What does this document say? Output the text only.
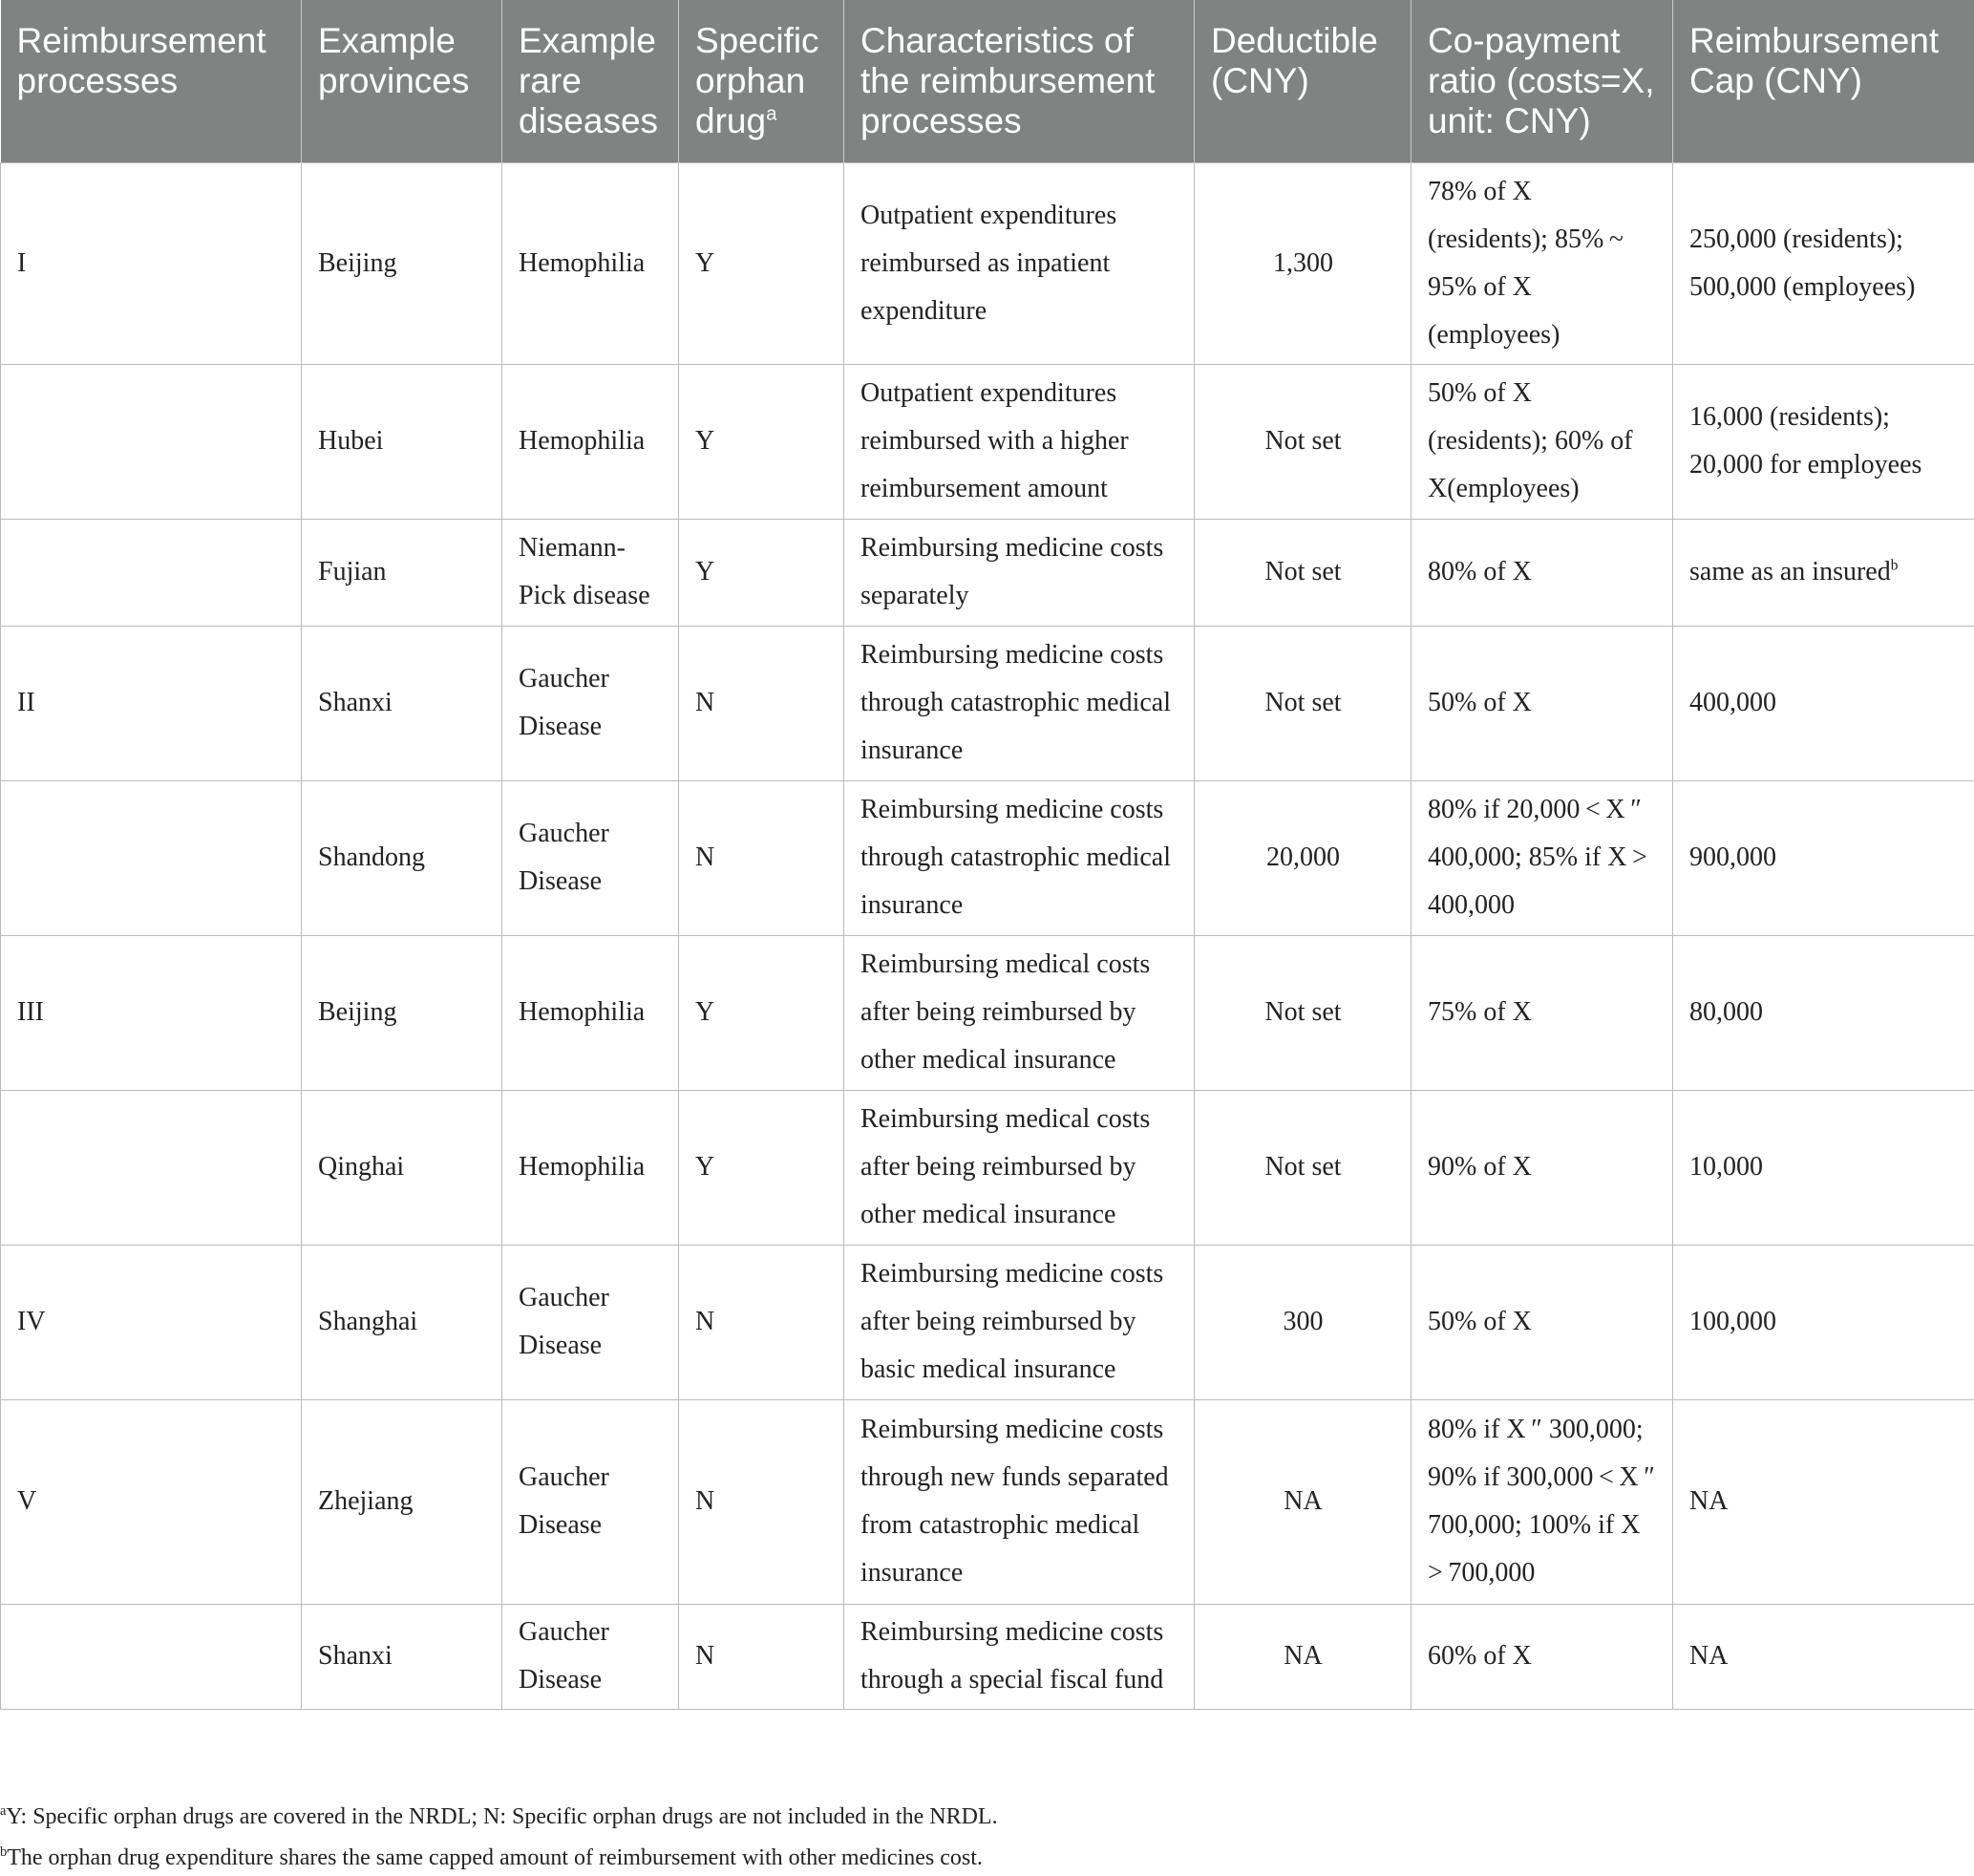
Reimbursement processes	Example provinces	Example rare diseases	Specific orphan drug$^a$	Characteristics of the reimbursement processes	Deductible (CNY)	Co-payment ratio (costs=X, unit: CNY)	Reimbursement Cap (CNY)
I	Beijing	Hemophilia	Y	Outpatient expenditures reimbursed as inpatient expenditure	1,300	78% of X (residents); 85% ~ 95% of X (employees)	250,000 (residents); 500,000 (employees)
	Hubei	Hemophilia	Y	Outpatient expenditures reimbursed with a higher reimbursement amount	Not set	50% of X (residents); 60% of X(employees)	16,000 (residents); 20,000 for employees
	Fujian	Niemann-Pick disease	Y	Reimbursing medicine costs separately	Not set	80% of X	same as an insured$^b$
II	Shanxi	Gaucher Disease	N	Reimbursing medicine costs through catastrophic medical insurance	Not set	50% of X	400,000
	Shandong	Gaucher Disease	N	Reimbursing medicine costs through catastrophic medical insurance	20,000	80% if 20,000 < X ″ 400,000; 85% if X > 400,000	900,000
III	Beijing	Hemophilia	Y	Reimbursing medical costs after being reimbursed by other medical insurance	Not set	75% of X	80,000
	Qinghai	Hemophilia	Y	Reimbursing medical costs after being reimbursed by other medical insurance	Not set	90% of X	10,000
IV	Shanghai	Gaucher Disease	N	Reimbursing medicine costs after being reimbursed by basic medical insurance	300	50% of X	100,000
V	Zhejiang	Gaucher Disease	N	Reimbursing medicine costs through new funds separated from catastrophic medical insurance	NA	80% if X ″ 300,000; 90% if 300,000 < X ″ 700,000; 100% if X > 700,000	NA
	Shanxi	Gaucher Disease	N	Reimbursing medicine costs through a special fiscal fund	NA	60% of X	NA
$^a$Y: Specific orphan drugs are covered in the NRDL; N: Specific orphan drugs are not included in the NRDL.
$^b$The orphan drug expenditure shares the same capped amount of reimbursement with other medicines cost.
